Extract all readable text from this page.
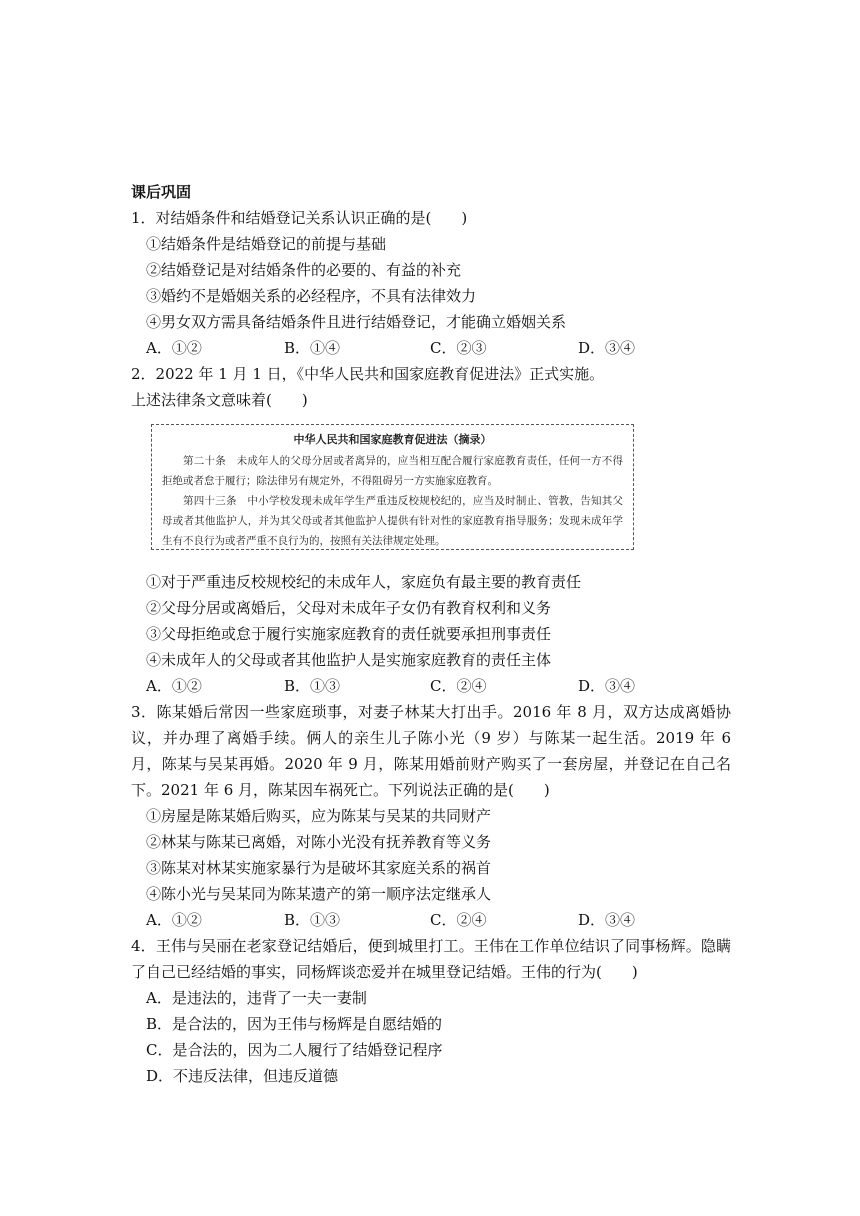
课后巩固
1．对结婚条件和结婚登记关系认识正确的是(　　)
①结婚条件是结婚登记的前提与基础
②结婚登记是对结婚条件的必要的、有益的补充
③婚约不是婚姻关系的必经程序，不具有法律效力
④男女双方需具备结婚条件且进行结婚登记，才能确立婚姻关系
A．①②	B．①④	C．②③	D．③④
2．2022 年 1 月 1 日，《中华人民共和国家庭教育促进法》正式实施。
上述法律条文意味着(　　)
中华人民共和国家庭教育促进法（摘录）

第二十条　未成年人的父母分居或者离异的，应当相互配合履行家庭教育责任，任何一方不得拒绝或者怠于履行；除法律另有规定外，不得阻碍另一方实施家庭教育。

第四十三条　中小学校发现未成年学生严重违反校规校纪的，应当及时制止、管教，告知其父母或者其他监护人，并为其父母或者其他监护人提供有针对性的家庭教育指导服务；发现未成年学生有不良行为或者严重不良行为的，按照有关法律规定处理。

①对于严重违反校规校纪的未成年人，家庭负有最主要的教育责任
②父母分居或离婚后，父母对未成年子女仍有教育权利和义务
③父母拒绝或怠于履行实施家庭教育的责任就要承担刑事责任
④未成年人的父母或者其他监护人是实施家庭教育的责任主体
A．①②	B．①③	C．②④	D．③④
3．陈某婚后常因一些家庭琐事，对妻子林某大打出手。2016 年 8 月，双方达成离婚协议，并办理了离婚手续。俩人的亲生儿子陈小光（9 岁）与陈某一起生活。2019 年 6 月，陈某与吴某再婚。2020 年 9 月，陈某用婚前财产购买了一套房屋，并登记在自己名下。2021 年 6 月，陈某因车祸死亡。下列说法正确的是(　　)
①房屋是陈某婚后购买，应为陈某与吴某的共同财产
②林某与陈某已离婚，对陈小光没有抚养教育等义务
③陈某对林某实施家暴行为是破坏其家庭关系的祸首
④陈小光与吴某同为陈某遗产的第一顺序法定继承人
A．①②	B．①③	C．②④	D．③④
4．王伟与吴丽在老家登记结婚后，便到城里打工。王伟在工作单位结识了同事杨辉。隐瞒了自己已经结婚的事实，同杨辉谈恋爱并在城里登记结婚。王伟的行为(　　)
A．是违法的，违背了一夫一妻制
B．是合法的，因为王伟与杨辉是自愿结婚的
C．是合法的，因为二人履行了结婚登记程序
D．不违反法律，但违反道德
